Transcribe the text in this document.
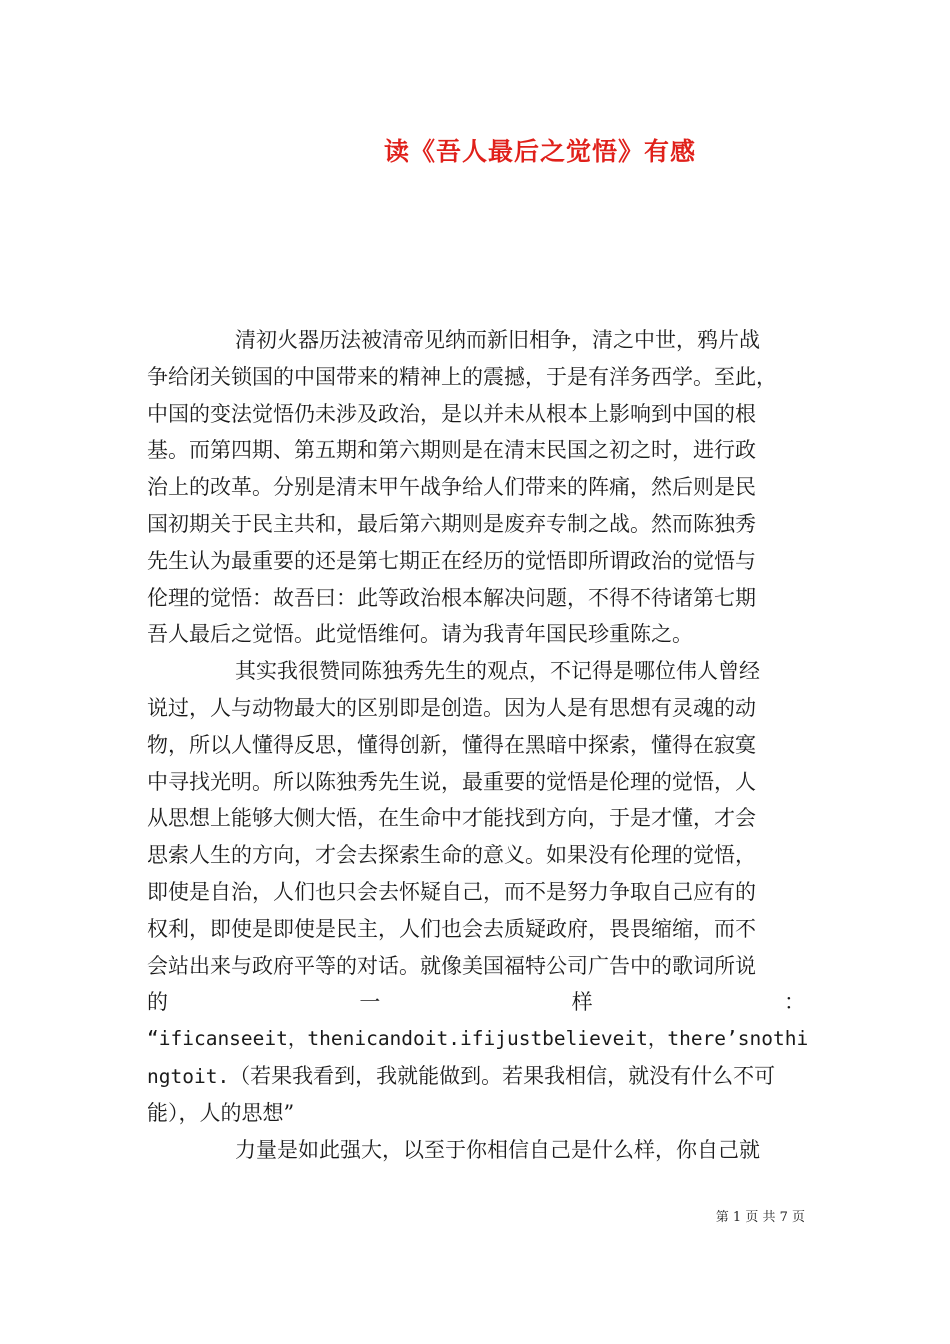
读《吾人最后之觉悟》有感
清初火器历法被清帝见纳而新旧相争，清之中世，鸦片战
争给闭关锁国的中国带来的精神上的震撼，于是有洋务西学。至此，
中国的变法觉悟仍未涉及政治，是以并未从根本上影响到中国的根
基。而第四期、第五期和第六期则是在清末民国之初之时，进行政
治上的改革。分别是清末甲午战争给人们带来的阵痛，然后则是民
国初期关于民主共和，最后第六期则是废弃专制之战。然而陈独秀
先生认为最重要的还是第七期正在经历的觉悟即所谓政治的觉悟与
伦理的觉悟：故吾曰：此等政治根本解决问题，不得不待诸第七期
吾人最后之觉悟。此觉悟维何。请为我青年国民珍重陈之。
其实我很赞同陈独秀先生的观点，不记得是哪位伟人曾经
说过，人与动物最大的区别即是创造。因为人是有思想有灵魂的动
物，所以人懂得反思，懂得创新，懂得在黑暗中探索，懂得在寂寞
中寻找光明。所以陈独秀先生说，最重要的觉悟是伦理的觉悟，人
从思想上能够大侧大悟，在生命中才能找到方向，于是才懂，才会
思索人生的方向，才会去探索生命的意义。如果没有伦理的觉悟，
即使是自治，人们也只会去怀疑自己，而不是努力争取自己应有的
权利，即使是即使是民主，人们也会去质疑政府，畏畏缩缩，而不
会站出来与政府平等的对话。就像美国福特公司广告中的歌词所说
的	一	样	：
“ificanseeit，thenicandoit.ifijustbelieveit，there’snothi
ngtoit.（若果我看到，我就能做到。若果我相信，就没有什么不可
能），人的思想”
力量是如此强大，以至于你相信自己是什么样，你自己就
第 1 页 共 7 页
